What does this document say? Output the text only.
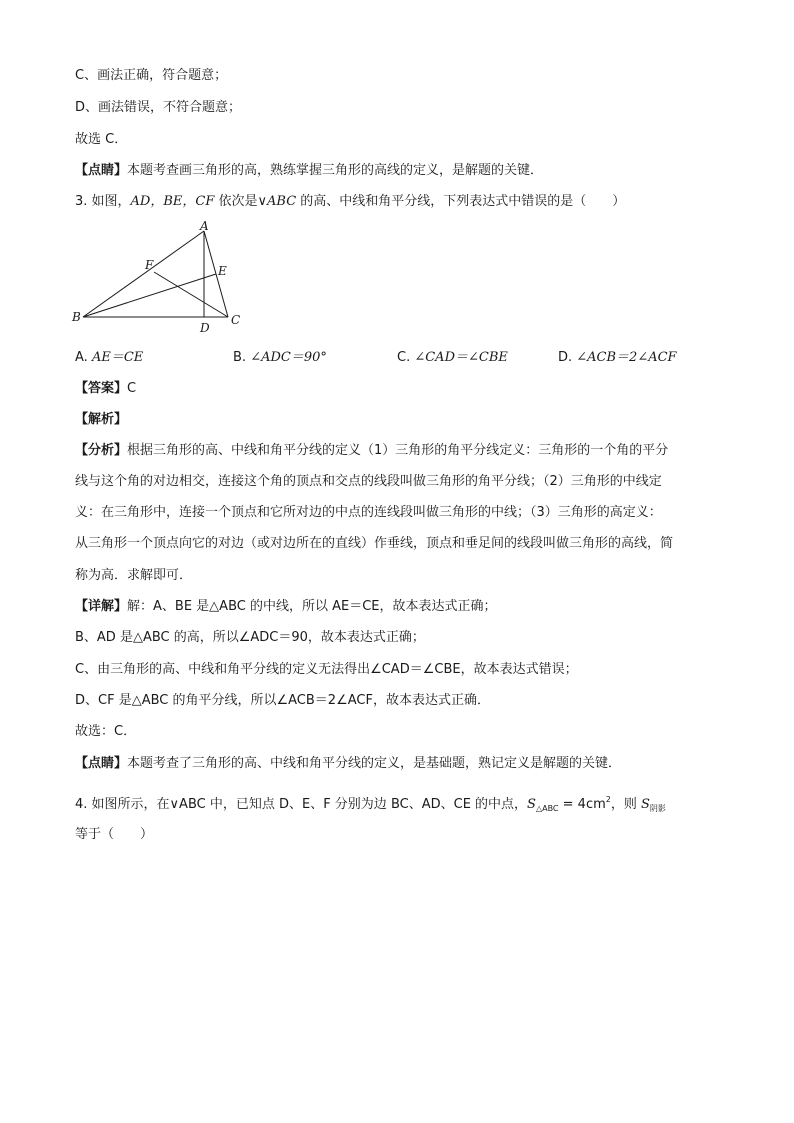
C、画法正确，符合题意；
D、画法错误，不符合题意；
故选 C．
【点睛】本题考查画三角形的高，熟练掌握三角形的高线的定义，是解题的关键．
3. 如图，AD，BE，CF 依次是∨ABC 的高、中线和角平分线，下列表达式中错误的是（　　）
A
B	C
D
E
F
A. AE＝CE	B. ∠ADC＝90°	C. ∠CAD＝∠CBE	D. ∠ACB＝2∠ACF
【答案】C
【解析】
【分析】根据三角形的高、中线和角平分线的定义（1）三角形的角平分线定义：三角形的一个角的平分
线与这个角的对边相交，连接这个角的顶点和交点的线段叫做三角形的角平分线；（2）三角形的中线定
义：在三角形中，连接一个顶点和它所对边的中点的连线段叫做三角形的中线；（3）三角形的高定义：
从三角形一个顶点向它的对边（或对边所在的直线）作垂线，顶点和垂足间的线段叫做三角形的高线，简
称为高．求解即可．
【详解】解：A、BE 是△ABC 的中线，所以 AE＝CE，故本表达式正确；
B、AD 是△ABC 的高，所以∠ADC＝90，故本表达式正确；
C、由三角形的高、中线和角平分线的定义无法得出∠CAD＝∠CBE，故本表达式错误；
D、CF 是△ABC 的角平分线，所以∠ACB＝2∠ACF，故本表达式正确．
故选：C．
【点睛】本题考查了三角形的高、中线和角平分线的定义，是基础题，熟记定义是解题的关键．
4. 如图所示，在∨ABC 中，已知点 D、E、F 分别为边 BC、AD、CE 的中点，$S_{\triangle ABC} = 4cm^2$，则 $S_{阴影}$
等于（　　）
